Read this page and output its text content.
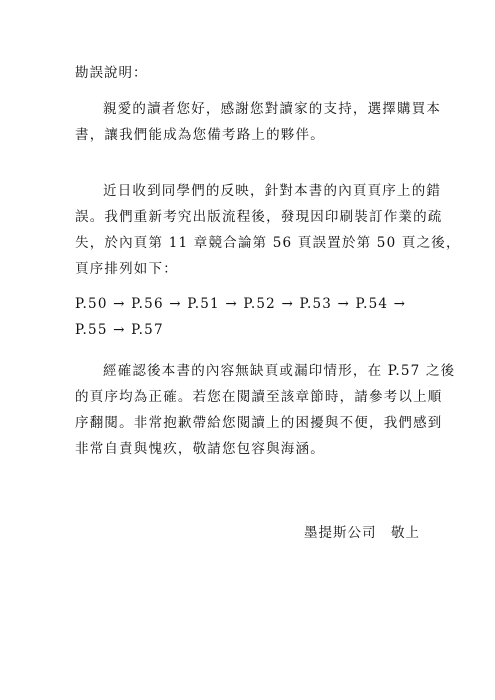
勘誤說明：

親愛的讀者您好，感謝您對讀家的支持，選擇購買本
書，讓我們能成為您備考路上的夥伴。

近日收到同學們的反映，針對本書的內頁頁序上的錯
誤。我們重新考究出版流程後，發現因印刷裝訂作業的疏
失，於內頁第 11 章競合論第 56 頁誤置於第 50 頁之後，
頁序排列如下：

P.50 → P.56 → P.51 → P.52 → P.53 → P.54 →
P.55 → P.57

經確認後本書的內容無缺頁或漏印情形，在 P.57 之後
的頁序均為正確。若您在閱讀至該章節時，請參考以上順
序翻閱。非常抱歉帶給您閱讀上的困擾與不便，我們感到
非常自責與愧疚，敬請您包容與海涵。

墨提斯公司　敬上
